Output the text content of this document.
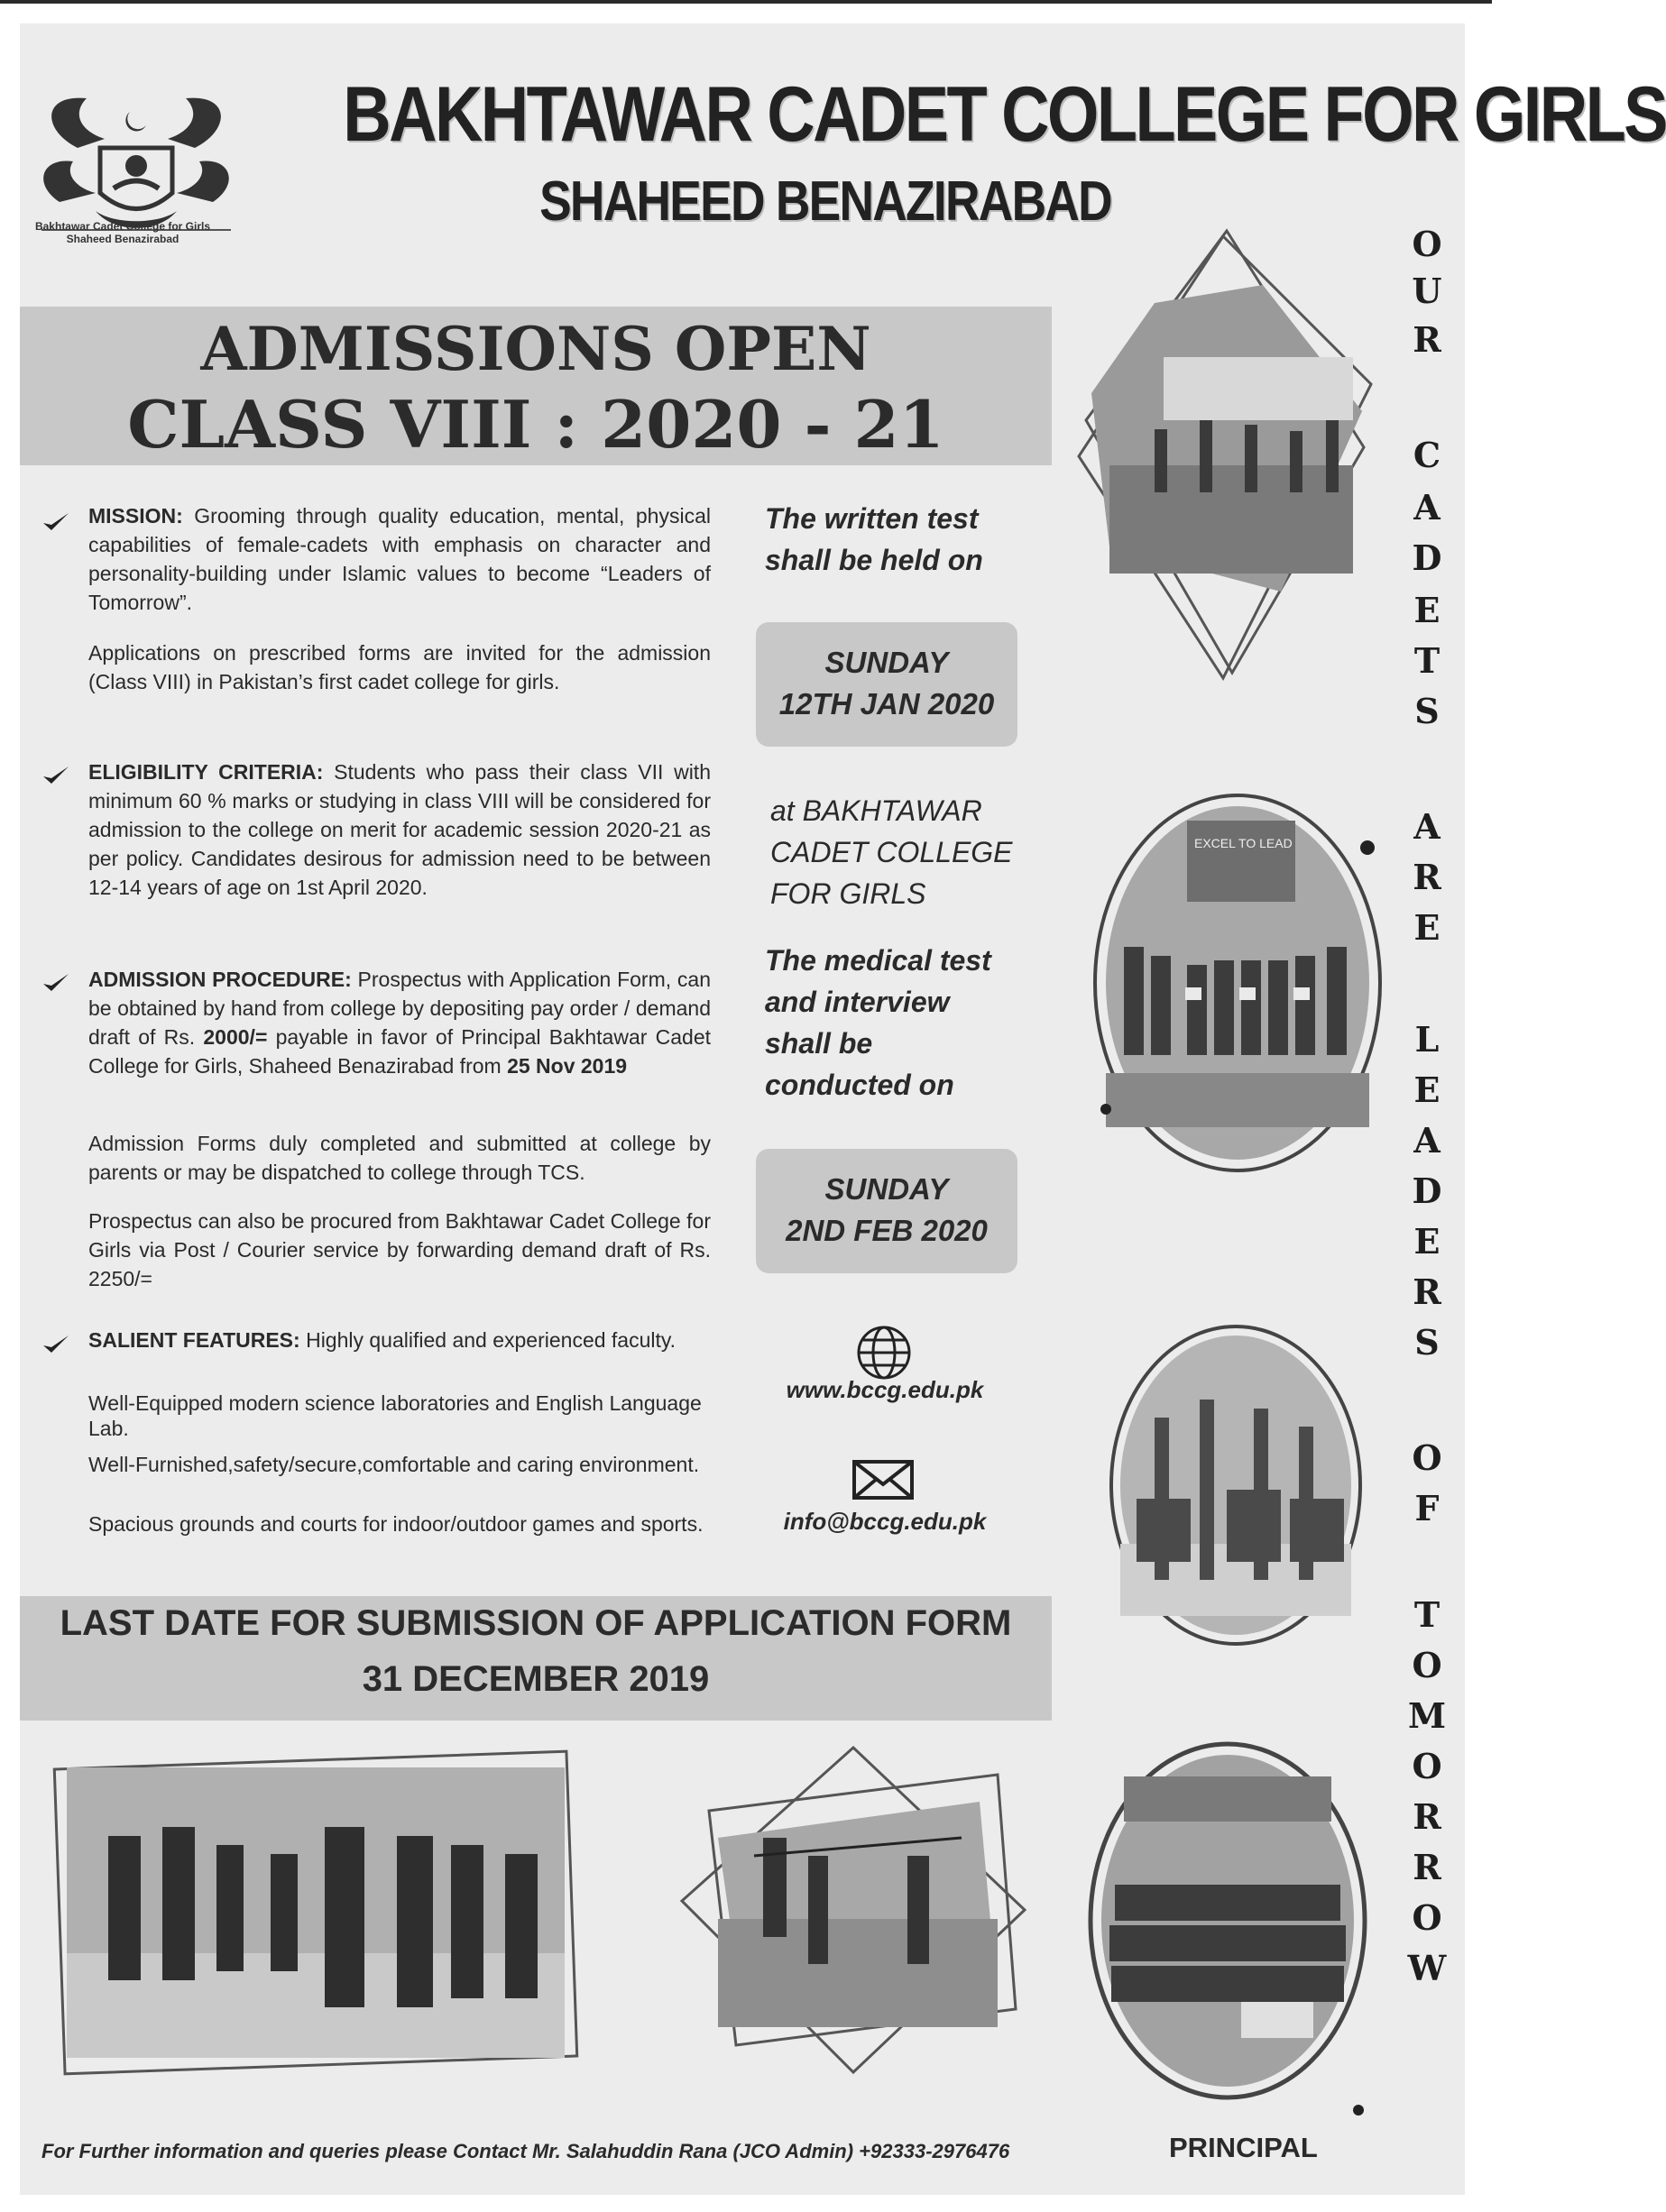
Bakhtawar Cadet College for Girls
Shaheed Benazirabad
BAKHTAWAR CADET COLLEGE FOR GIRLS
SHAHEED BENAZIRABAD
ADMISSIONS OPEN
CLASS VIII : 2020 - 21
MISSION: Grooming through quality education, mental, physical capabilities of female-cadets with emphasis on character and personality-building under Islamic values to become “Leaders of Tomorrow”.
Applications on prescribed forms are invited for the admission (Class VIII) in Pakistan’s first cadet college for girls.
ELIGIBILITY CRITERIA: Students who pass their class VII with minimum 60 % marks or studying in class VIII will be considered for admission to the college on merit for academic session 2020-21 as per policy. Candidates desirous for admission need to be between 12-14 years of age on 1st April 2020.
ADMISSION PROCEDURE: Prospectus with Application Form, can be obtained by hand from college by depositing pay order / demand draft of Rs. 2000/= payable in favor of Principal Bakhtawar Cadet College for Girls, Shaheed Benazirabad from 25 Nov 2019
Admission Forms duly completed and submitted at college by parents or may be dispatched to college through TCS.
Prospectus can also be procured from Bakhtawar Cadet College for Girls via Post / Courier service by forwarding demand draft of Rs. 2250/=
SALIENT FEATURES: Highly qualified and experienced faculty.
Well-Equipped modern science laboratories and English Language Lab.
Well-Furnished,safety/secure,comfortable and caring environment.
Spacious grounds and courts for indoor/outdoor games and sports.
The written test
shall be held on
SUNDAY
12TH JAN 2020
at BAKHTAWAR
CADET COLLEGE
FOR GIRLS
The medical test
and interview
shall be
conducted on
SUNDAY
2ND FEB 2020
www.bccg.edu.pk
info@bccg.edu.pk
LAST DATE FOR SUBMISSION OF APPLICATION FORM
31 DECEMBER 2019
EXCEL TO LEAD
O
U
R
C
A
D
E
T
S
A
R
E
L
E
A
D
E
R
S
O
F
T
O
M
O
R
R
O
W
For Further information and queries please Contact Mr. Salahuddin Rana (JCO Admin) +92333-2976476	PRINCIPAL
